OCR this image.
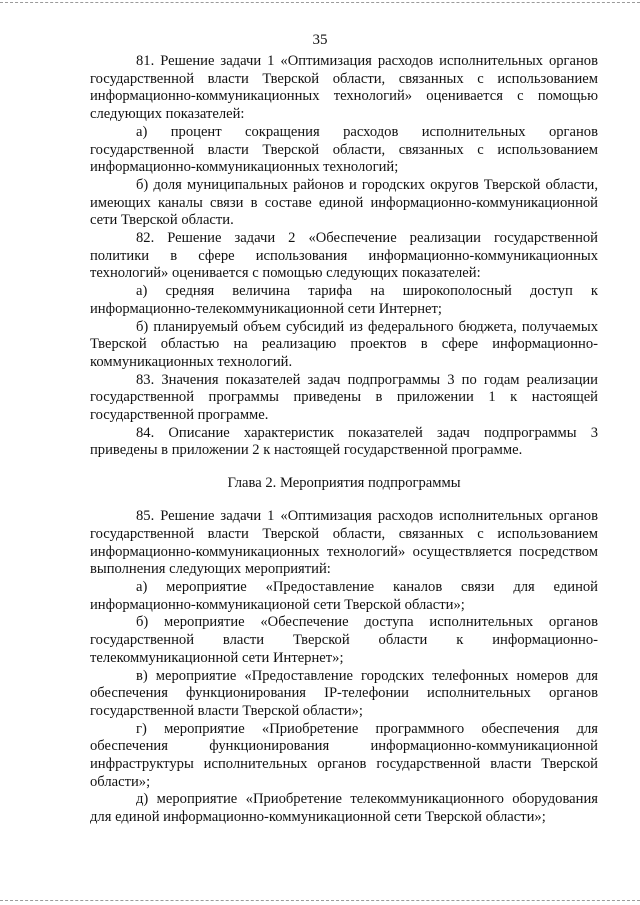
35

81. Решение задачи 1 «Оптимизация расходов исполнительных органов государственной власти Тверской области, связанных с использованием информационно-коммуникационных технологий» оценивается с помощью следующих показателей:

а) процент сокращения расходов исполнительных органов государственной власти Тверской области, связанных с использованием информационно-коммуникационных технологий;

б) доля муниципальных районов и городских округов Тверской области, имеющих каналы связи в составе единой информационно-коммуникационной сети Тверской области.

82. Решение задачи 2 «Обеспечение реализации государственной политики в сфере использования информационно-коммуникационных технологий» оценивается с помощью следующих показателей:

а) средняя величина тарифа на широкополосный доступ к информационно-телекоммуникационной сети Интернет;

б) планируемый объем субсидий из федерального бюджета, получаемых Тверской областью на реализацию проектов в сфере информационно-коммуникационных технологий.

83. Значения показателей задач подпрограммы 3 по годам реализации государственной программы приведены в приложении 1 к настоящей государственной программе.

84. Описание характеристик показателей задач подпрограммы 3 приведены в приложении 2 к настоящей государственной программе.

Глава 2. Мероприятия подпрограммы

85. Решение задачи 1 «Оптимизация расходов исполнительных органов государственной власти Тверской области, связанных с использованием информационно-коммуникационных технологий» осуществляется посредством выполнения следующих мероприятий:

а) мероприятие «Предоставление каналов связи для единой информационно-коммуникационой сети Тверской области»;

б) мероприятие «Обеспечение доступа исполнительных органов государственной власти Тверской области к информационно-телекоммуникационной сети Интернет»;

в) мероприятие «Предоставление городских телефонных номеров для обеспечения функционирования IP-телефонии исполнительных органов государственной власти Тверской области»;

г) мероприятие «Приобретение программного обеспечения для обеспечения функционирования информационно-коммуникационной инфраструктуры исполнительных органов государственной власти Тверской области»;

д) мероприятие «Приобретение телекоммуникационного оборудования для единой информационно-коммуникационной сети Тверской области»;
